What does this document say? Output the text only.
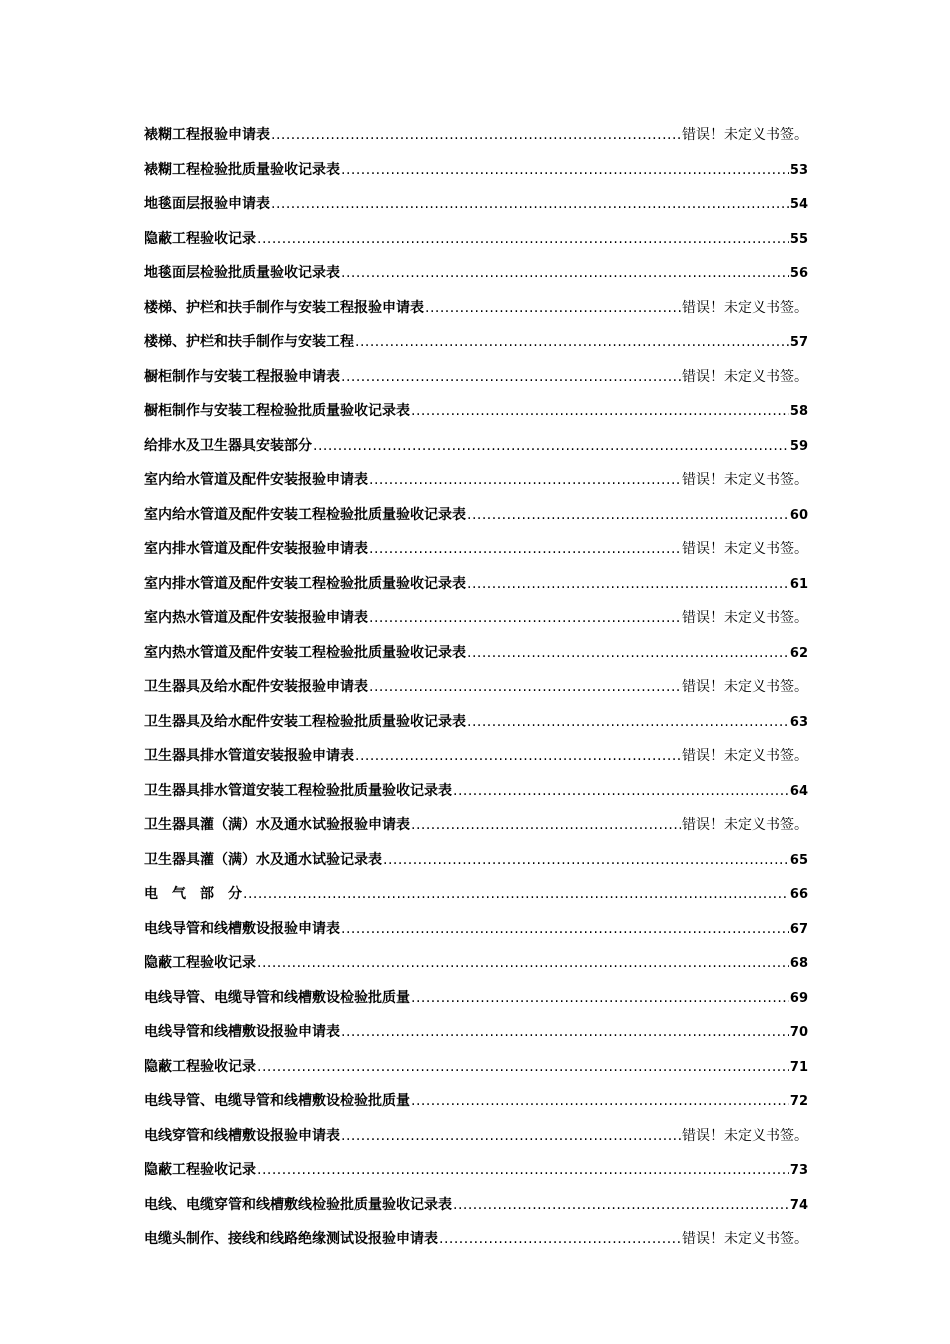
裱糊工程报验申请表 .....	错误！未定义书签。
裱糊工程检验批质量验收记录表 .....	53
地毯面层报验申请表 .....	54
隐蔽工程验收记录 .....	55
地毯面层检验批质量验收记录表 .....	56
楼梯、护栏和扶手制作与安装工程报验申请表 .....	错误！未定义书签。
楼梯、护栏和扶手制作与安装工程 .....	57
橱柜制作与安装工程报验申请表 .....	错误！未定义书签。
橱柜制作与安装工程检验批质量验收记录表 .....	58
给排水及卫生器具安装部分 .....	59
室内给水管道及配件安装报验申请表 .....	错误！未定义书签。
室内给水管道及配件安装工程检验批质量验收记录表 .....	60
室内排水管道及配件安装报验申请表 .....	错误！未定义书签。
室内排水管道及配件安装工程检验批质量验收记录表 .....	61
室内热水管道及配件安装报验申请表 .....	错误！未定义书签。
室内热水管道及配件安装工程检验批质量验收记录表 .....	62
卫生器具及给水配件安装报验申请表 .....	错误！未定义书签。
卫生器具及给水配件安装工程检验批质量验收记录表 .....	63
卫生器具排水管道安装报验申请表 .....	错误！未定义书签。
卫生器具排水管道安装工程检验批质量验收记录表 .....	64
卫生器具灌（满）水及通水试验报验申请表 .....	错误！未定义书签。
卫生器具灌（满）水及通水试验记录表 .....	65
电　气　部　分 .....	66
电线导管和线槽敷设报验申请表 .....	67
隐蔽工程验收记录 .....	68
电线导管、电缆导管和线槽敷设检验批质量 .....	69
电线导管和线槽敷设报验申请表 .....	70
隐蔽工程验收记录 .....	71
电线导管、电缆导管和线槽敷设检验批质量 .....	72
电线穿管和线槽敷设报验申请表 .....	错误！未定义书签。
隐蔽工程验收记录 .....	73
电线、电缆穿管和线槽敷线检验批质量验收记录表 .....	74
电缆头制作、接线和线路绝缘测试设报验申请表 .....	错误！未定义书签。
